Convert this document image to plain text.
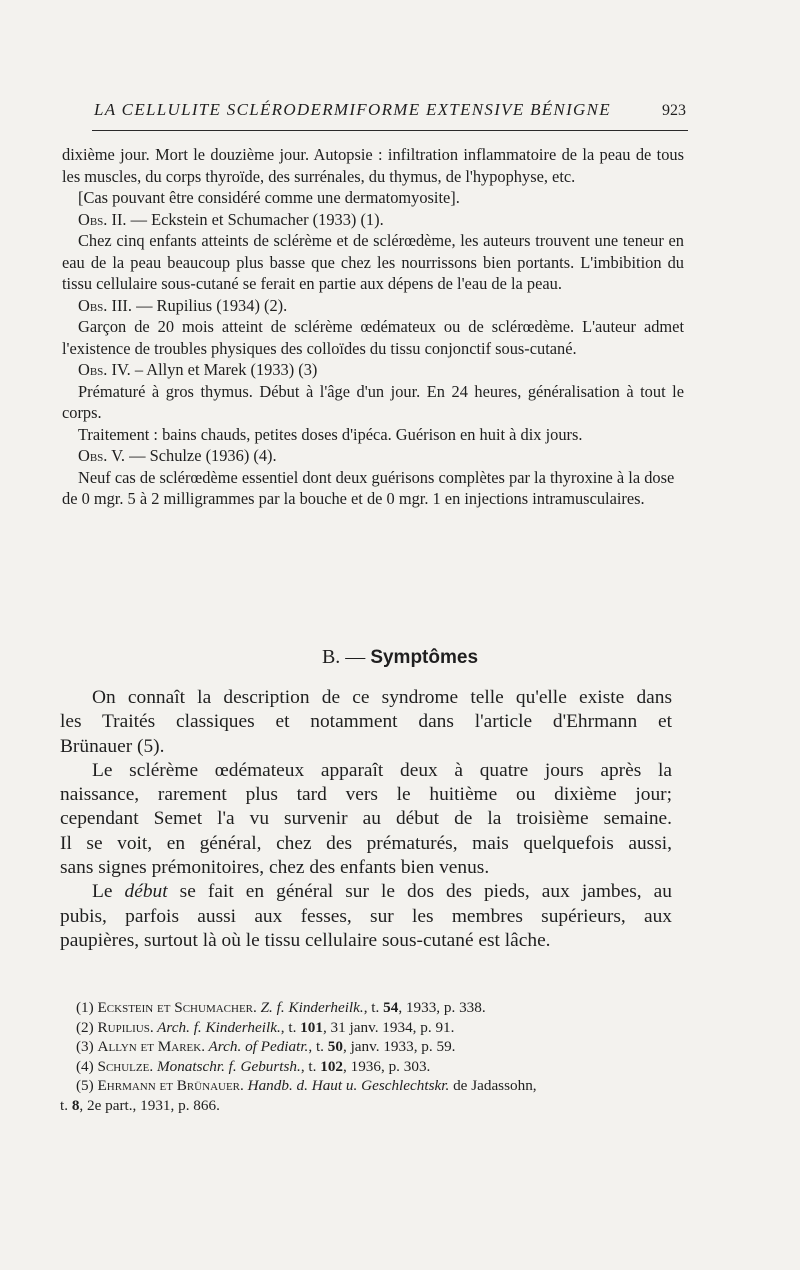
LA CELLULITE SCLÉRODERMIFORME EXTENSIVE BÉNIGNE	923

dixième jour. Mort le douzième jour. Autopsie : infiltration inflammatoire de la peau de tous les muscles, du corps thyroïde, des surrénales, du thymus, de l'hypophyse, etc.

[Cas pouvant être considéré comme une dermatomyosite].

Obs. II. — Eckstein et Schumacher (1933) (1).

Chez cinq enfants atteints de sclérème et de sclérœdème, les auteurs trouvent une teneur en eau de la peau beaucoup plus basse que chez les nourrissons bien portants. L'imbibition du tissu cellulaire sous-cutané se ferait en partie aux dépens de l'eau de la peau.

Obs. III. — Rupilius (1934) (2).

Garçon de 20 mois atteint de sclérème œdémateux ou de sclérœdème. L'auteur admet l'existence de troubles physiques des colloïdes du tissu conjonctif sous-cutané.

Obs. IV. – Allyn et Marek (1933) (3)

Prématuré à gros thymus. Début à l'âge d'un jour. En 24 heures, généralisation à tout le corps.

Traitement : bains chauds, petites doses d'ipéca. Guérison en huit à dix jours.

Obs. V. — Schulze (1936) (4).

Neuf cas de sclérœdème essentiel dont deux guérisons complètes par la thyroxine à la dose de 0 mgr. 5 à 2 milligrammes par la bouche et de 0 mgr. 1 en injections intramusculaires.

B. — Symptômes

On connaît la description de ce syndrome telle qu'elle existe dans
les Traités classiques et notamment dans l'article d'Ehrmann et

Brünauer (5).

Le sclérème œdémateux apparaît deux à quatre jours après la
naissance, rarement plus tard vers le huitième ou dixième jour;
cependant Semet l'a vu survenir au début de la troisième semaine.
Il se voit, en général, chez des prématurés, mais quelquefois aussi,

sans signes prémonitoires, chez des enfants bien venus.

Le début se fait en général sur le dos des pieds, aux jambes, au
pubis, parfois aussi aux fesses, sur les membres supérieurs, aux

paupières, surtout là où le tissu cellulaire sous-cutané est lâche.

(1) Eckstein et Schumacher. Z. f. Kinderheilk., t. 54, 1933, p. 338.
(2) Rupilius. Arch. f. Kinderheilk., t. 101, 31 janv. 1934, p. 91.
(3) Allyn et Marek. Arch. of Pediatr., t. 50, janv. 1933, p. 59.
(4) Schulze. Monatschr. f. Geburtsh., t. 102, 1936, p. 303.
(5) Ehrmann et Brünauer. Handb. d. Haut u. Geschlechtskr. de Jadassohn,
t. 8, 2e part., 1931, p. 866.
